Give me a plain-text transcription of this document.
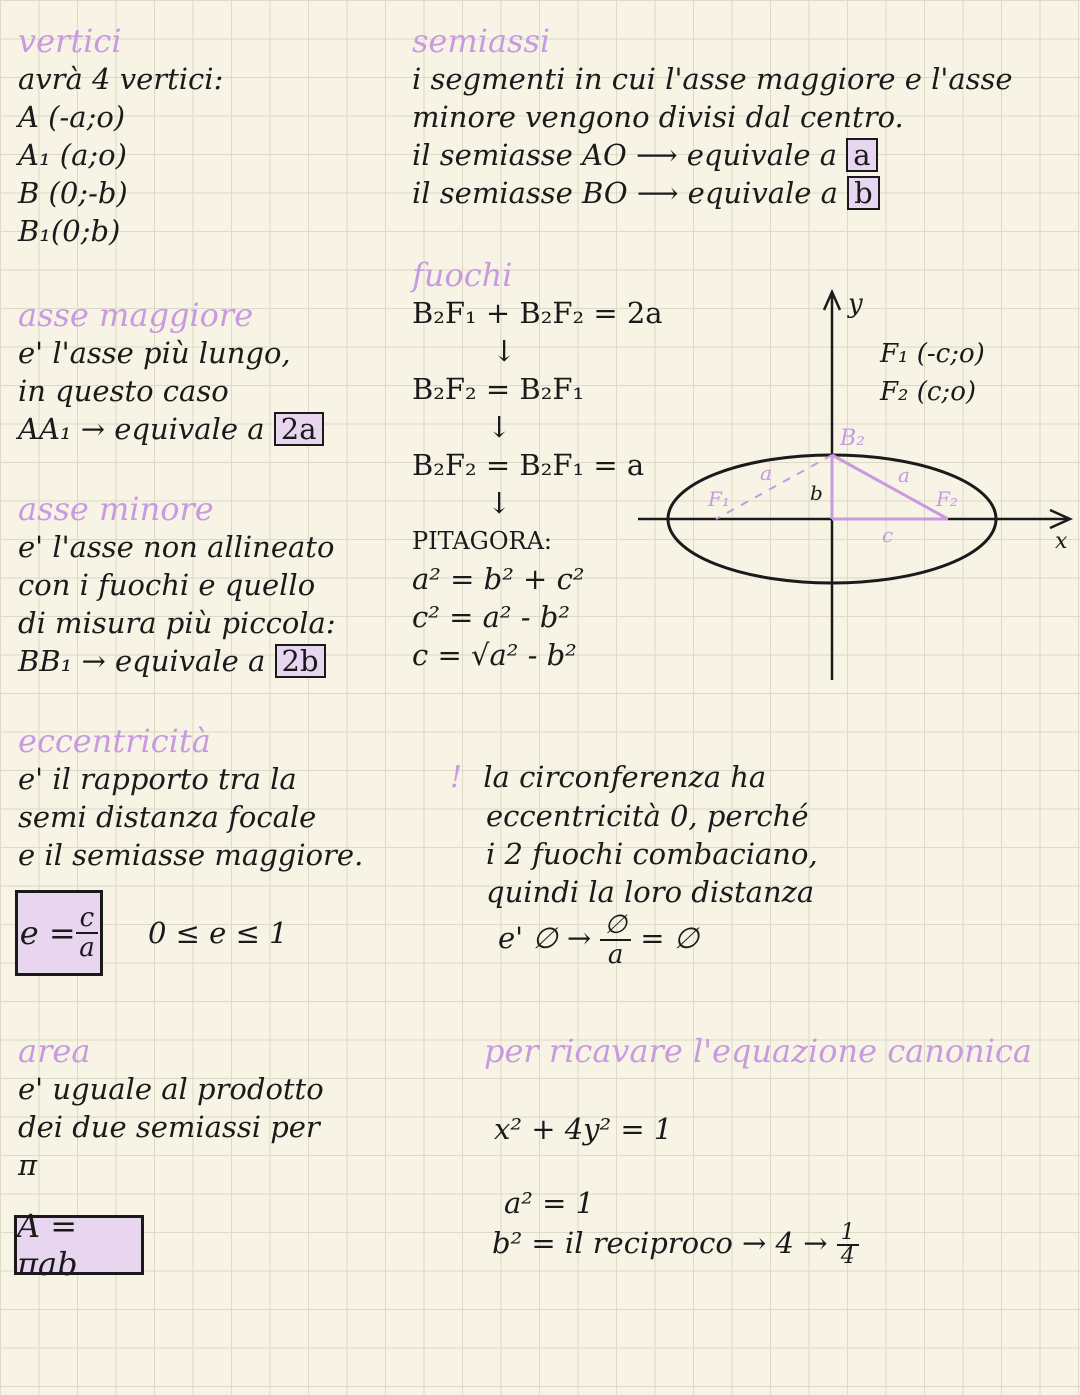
vertici
avrà 4 vertici:
A (-a;o)
A₁ (a;o)
B (0;-b)
B₁(0;b)
semiassi
i segmenti in cui l'asse maggiore e l'asse
minore vengono divisi dal centro.
il semiasse AO ⟶ equivale a a
il semiasse BO ⟶ equivale a b
asse maggiore
e' l'asse più lungo,
in questo caso
AA₁ → equivale a 2a
fuochi
B₂F₁ + B₂F₂ = 2a
↓
B₂F₂ = B₂F₁
↓
B₂F₂ = B₂F₁ = a
↓
PITAGORA:
a² = b² + c²
c² = a² - b²
c = √a² - b²
y
x
F₁ (-c;o)
F₂ (c;o)
B₂
F₁	F₂
a	a
b
c
asse minore
e' l'asse non allineato
con i fuochi e quello
di misura più piccola:
BB₁ → equivale a 2b
eccentricità
e' il rapporto tra la
semi distanza focale
e il semiasse maggiore.
$e = \frac{c}{a} 0 \le e \le 1$
! la circonferenza ha
eccentricità 0, perché
i 2 fuochi combaciano,
quindi la loro distanza
e' ∅ → $\frac{\emptyset}{a}$ = ∅
area
e' uguale al prodotto
dei due semiassi per
π
A = πab
per ricavare l'equazione canonica
x² + 4y² = 1
a² = 1
b² = il reciproco → $4 \to \frac{1}{4}$
